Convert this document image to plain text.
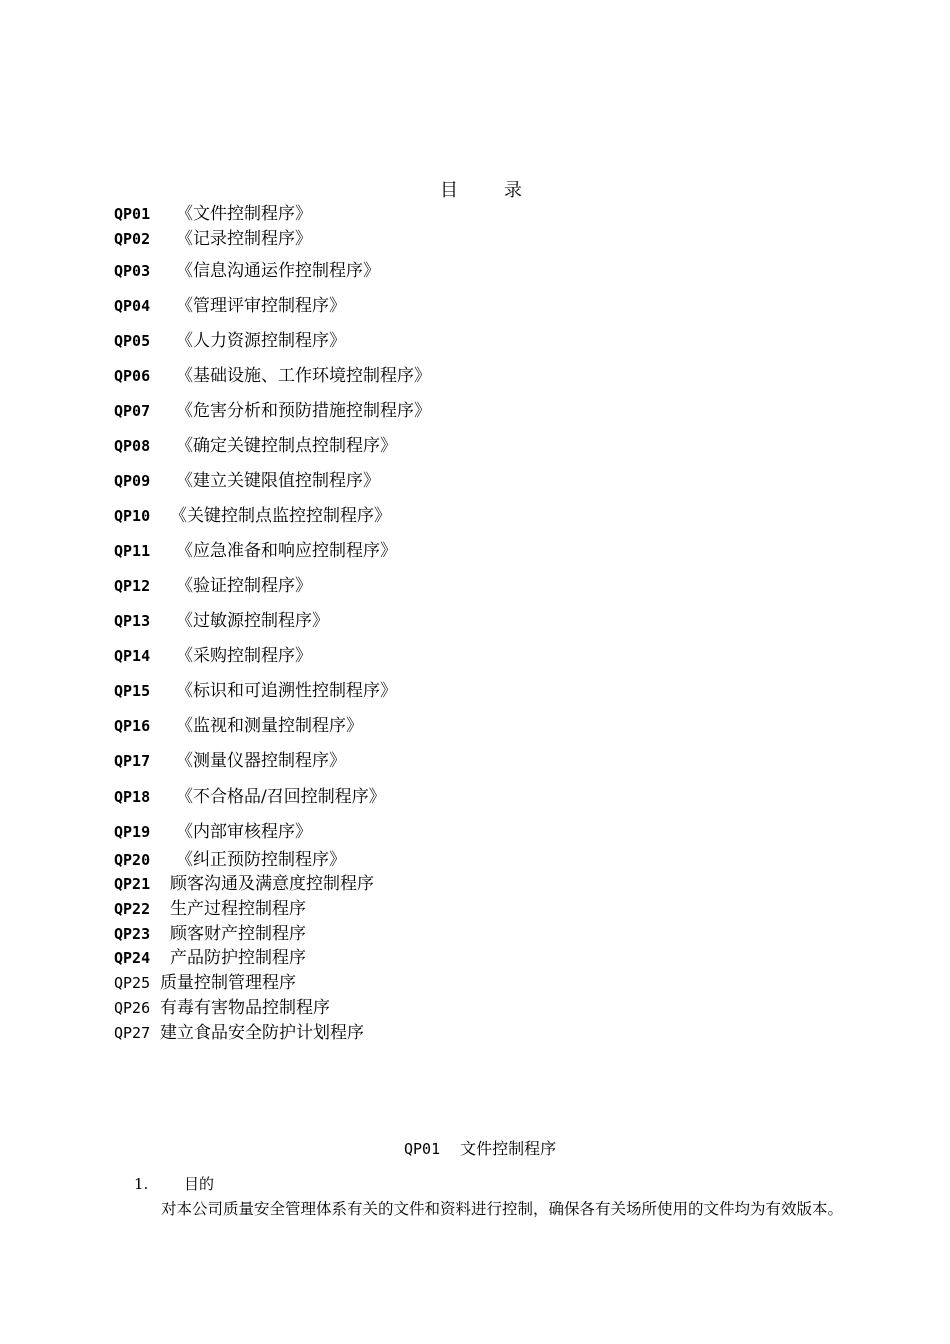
目	录
QP01 《文件控制程序》
QP02 《记录控制程序》
QP03 《信息沟通运作控制程序》
QP04 《管理评审控制程序》
QP05 《人力资源控制程序》
QP06 《基础设施、工作环境控制程序》
QP07 《危害分析和预防措施控制程序》
QP08 《确定关键控制点控制程序》
QP09 《建立关键限值控制程序》
QP10 《关键控制点监控控制程序》
QP11 《应急准备和响应控制程序》
QP12 《验证控制程序》
QP13 《过敏源控制程序》
QP14 《采购控制程序》
QP15 《标识和可追溯性控制程序》
QP16 《监视和测量控制程序》
QP17 《测量仪器控制程序》
QP18 《不合格品/召回控制程序》
QP19 《内部审核程序》
QP20 《纠正预防控制程序》
QP21 顾客沟通及满意度控制程序
QP22 生产过程控制程序
QP23 顾客财产控制程序
QP24 产品防护控制程序
QP25 质量控制管理程序
QP26 有毒有害物品控制程序
QP27 建立食品安全防护计划程序
QP01 文件控制程序
1. 目的
对本公司质量安全管理体系有关的文件和资料进行控制，确保各有关场所使用的文件均为有效版本。
